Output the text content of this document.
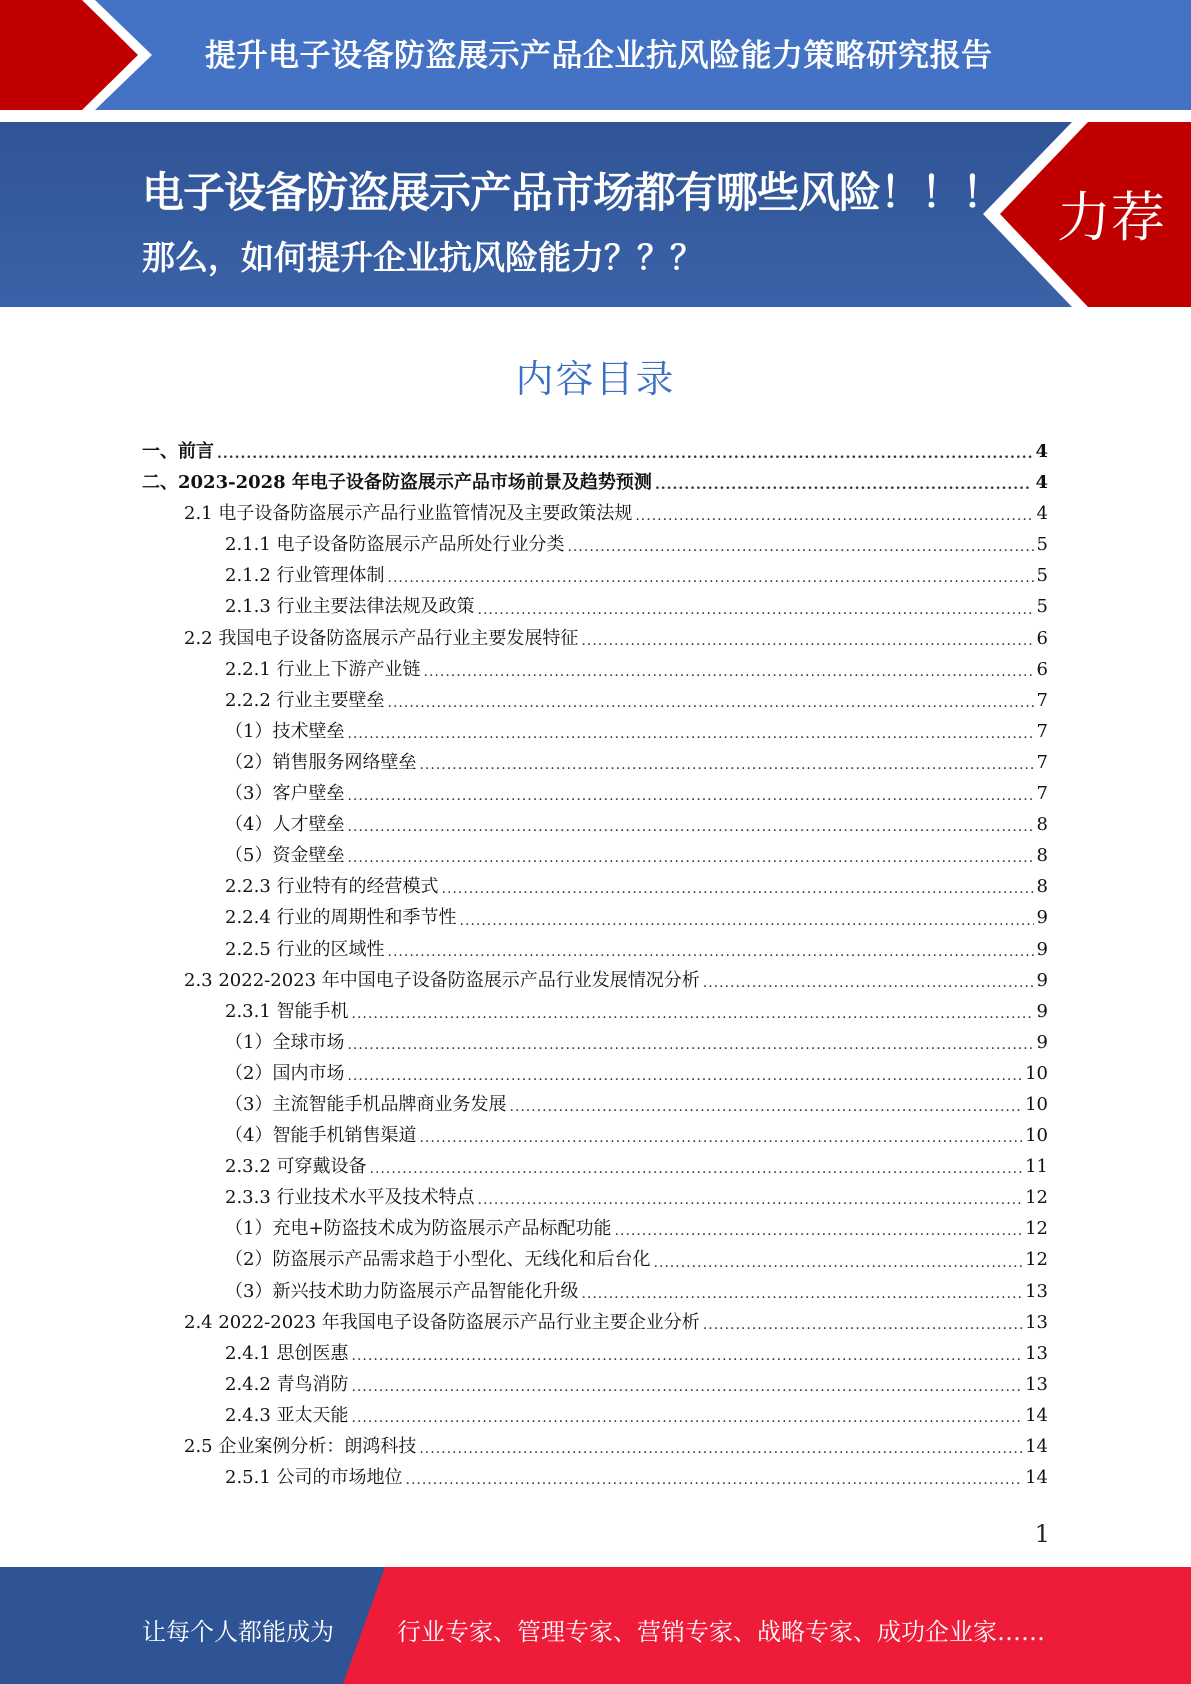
提升电子设备防盗展示产品企业抗风险能力策略研究报告
电子设备防盗展示产品市场都有哪些风险！！！
那么，如何提升企业抗风险能力？？？
力荐
内容目录
一、前言 .....	4
二、2023-2028 年电子设备防盗展示产品市场前景及趋势预测 .....	4
2.1 电子设备防盗展示产品行业监管情况及主要政策法规 .....	4
2.1.1 电子设备防盗展示产品所处行业分类 .....	5
2.1.2 行业管理体制 .....	5
2.1.3 行业主要法律法规及政策 .....	5
2.2 我国电子设备防盗展示产品行业主要发展特征 .....	6
2.2.1 行业上下游产业链 .....	6
2.2.2 行业主要壁垒 .....	7
（1）技术壁垒 .....	7
（2）销售服务网络壁垒 .....	7
（3）客户壁垒 .....	7
（4）人才壁垒 .....	8
（5）资金壁垒 .....	8
2.2.3 行业特有的经营模式 .....	8
2.2.4 行业的周期性和季节性 .....	9
2.2.5 行业的区域性 .....	9
2.3 2022-2023 年中国电子设备防盗展示产品行业发展情况分析 .....	9
2.3.1 智能手机 .....	9
（1）全球市场 .....	9
（2）国内市场 .....	10
（3）主流智能手机品牌商业务发展 .....	10
（4）智能手机销售渠道 .....	10
2.3.2 可穿戴设备 .....	11
2.3.3 行业技术水平及技术特点 .....	12
（1）充电+防盗技术成为防盗展示产品标配功能 .....	12
（2）防盗展示产品需求趋于小型化、无线化和后台化 .....	12
（3）新兴技术助力防盗展示产品智能化升级 .....	13
2.4 2022-2023 年我国电子设备防盗展示产品行业主要企业分析 .....	13
2.4.1 思创医惠 .....	13
2.4.2 青鸟消防 .....	13
2.4.3 亚太天能 .....	14
2.5 企业案例分析：朗鸿科技 .....	14
2.5.1 公司的市场地位 .....	14
1
让每个人都能成为	行业专家、管理专家、营销专家、战略专家、成功企业家……
